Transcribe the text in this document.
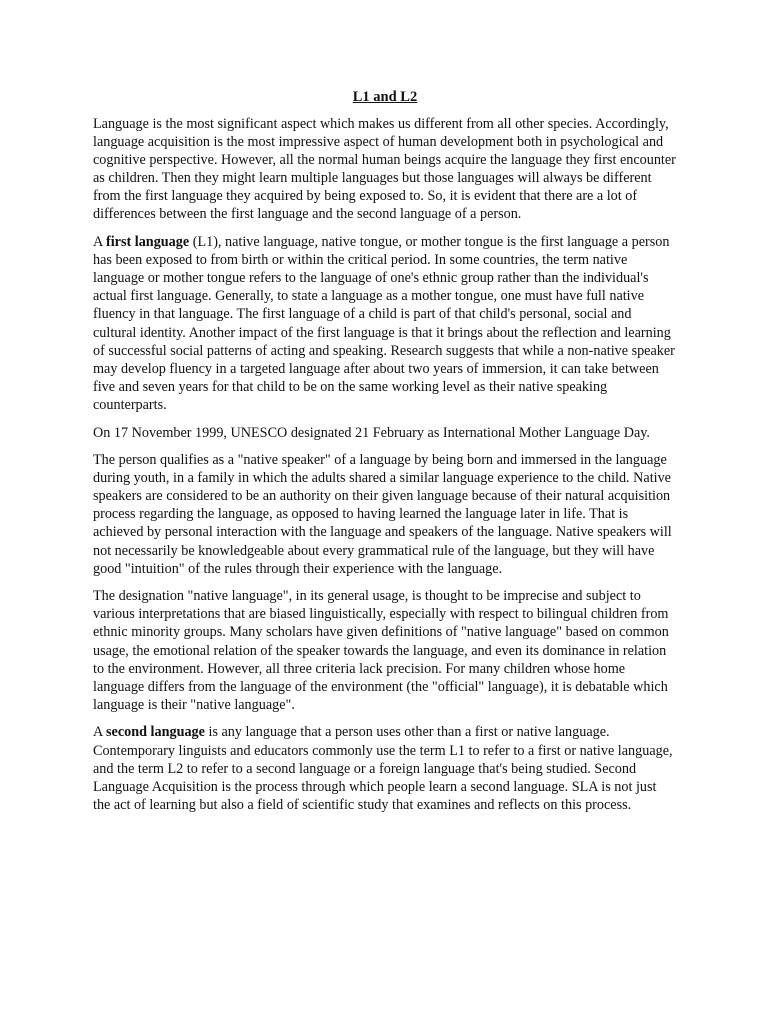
L1 and L2

Language is the most significant aspect which makes us different from all other species. Accordingly, language acquisition is the most impressive aspect of human development both in psychological and cognitive perspective. However, all the normal human beings acquire the language they first encounter as children. Then they might learn multiple languages but those languages will always be different from the first language they acquired by being exposed to. So, it is evident that there are a lot of differences between the first language and the second language of a person.

A first language (L1), native language, native tongue, or mother tongue is the first language a person has been exposed to from birth or within the critical period. In some countries, the term native language or mother tongue refers to the language of one's ethnic group rather than the individual's actual first language. Generally, to state a language as a mother tongue, one must have full native fluency in that language. The first language of a child is part of that child's personal, social and cultural identity. Another impact of the first language is that it brings about the reflection and learning of successful social patterns of acting and speaking. Research suggests that while a non-native speaker may develop fluency in a targeted language after about two years of immersion, it can take between five and seven years for that child to be on the same working level as their native speaking counterparts.

On 17 November 1999, UNESCO designated 21 February as International Mother Language Day.

The person qualifies as a "native speaker" of a language by being born and immersed in the language during youth, in a family in which the adults shared a similar language experience to the child. Native speakers are considered to be an authority on their given language because of their natural acquisition process regarding the language, as opposed to having learned the language later in life. That is achieved by personal interaction with the language and speakers of the language. Native speakers will not necessarily be knowledgeable about every grammatical rule of the language, but they will have good "intuition" of the rules through their experience with the language.

The designation "native language", in its general usage, is thought to be imprecise and subject to various interpretations that are biased linguistically, especially with respect to bilingual children from ethnic minority groups. Many scholars have given definitions of "native language" based on common usage, the emotional relation of the speaker towards the language, and even its dominance in relation to the environment. However, all three criteria lack precision. For many children whose home language differs from the language of the environment (the "official" language), it is debatable which language is their "native language".

A second language is any language that a person uses other than a first or native language. Contemporary linguists and educators commonly use the term L1 to refer to a first or native language, and the term L2 to refer to a second language or a foreign language that's being studied. Second Language Acquisition is the process through which people learn a second language. SLA is not just the act of learning but also a field of scientific study that examines and reflects on this process.
